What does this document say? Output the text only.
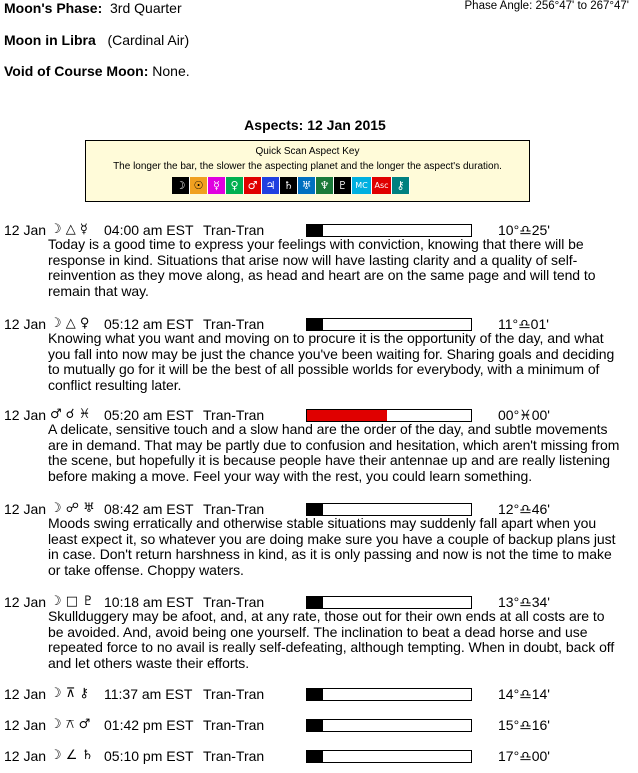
Moon's Phase: 3rd Quarter	Phase Angle: 256°47' to 267°47'
Moon in Libra (Cardinal Air)
Void of Course Moon: None.
Aspects: 12 Jan 2015
Quick Scan Aspect Key
The longer the bar, the slower the aspecting planet and the longer the aspect's duration.
☽ ☉ ☿ ♀ ♂ ♃ ♄ ♅ ♆ ♇ MC Asc ⚷
12 Jan ☽ △ ☿ 04:00 am EST Tran-Tran	10°♎25'
Today is a good time to express your feelings with conviction, knowing that there will be response in kind. Situations that arise now will have lasting clarity and a quality of self-reinvention as they move along, as head and heart are on the same page and will tend to remain that way.
12 Jan ☽ △ ♀ 05:12 am EST Tran-Tran	11°♎01'
Knowing what you want and moving on to procure it is the opportunity of the day, and what you fall into now may be just the chance you've been waiting for. Sharing goals and deciding to mutually go for it will be the best of all possible worlds for everybody, with a minimum of conflict resulting later.
12 Jan ♂ ☌ ♓ 05:20 am EST Tran-Tran	00°♓00'
A delicate, sensitive touch and a slow hand are the order of the day, and subtle movements are in demand. That may be partly due to confusion and hesitation, which aren't missing from the scene, but hopefully it is because people have their antennae up and are really listening before making a move. Feel your way with the rest, you could learn something.
12 Jan ☽ ☍ ♅ 08:42 am EST Tran-Tran	12°♎46'
Moods swing erratically and otherwise stable situations may suddenly fall apart when you least expect it, so whatever you are doing make sure you have a couple of backup plans just in case. Don't return harshness in kind, as it is only passing and now is not the time to make or take offense. Choppy waters.
12 Jan ☽ □ ♇ 10:18 am EST Tran-Tran	13°♎34'
Skullduggery may be afoot, and, at any rate, those out for their own ends at all costs are to be avoided. And, avoid being one yourself. The inclination to beat a dead horse and use repeated force to no avail is really self-defeating, although tempting. When in doubt, back off and let others waste their efforts.
12 Jan ☽ ⊼ ⚷ 11:37 am EST Tran-Tran	14°♎14'
12 Jan ☽ ⚻ ♂ 01:42 pm EST Tran-Tran	15°♎16'
12 Jan ☽ ∠ ♄ 05:10 pm EST Tran-Tran	17°♎00'
